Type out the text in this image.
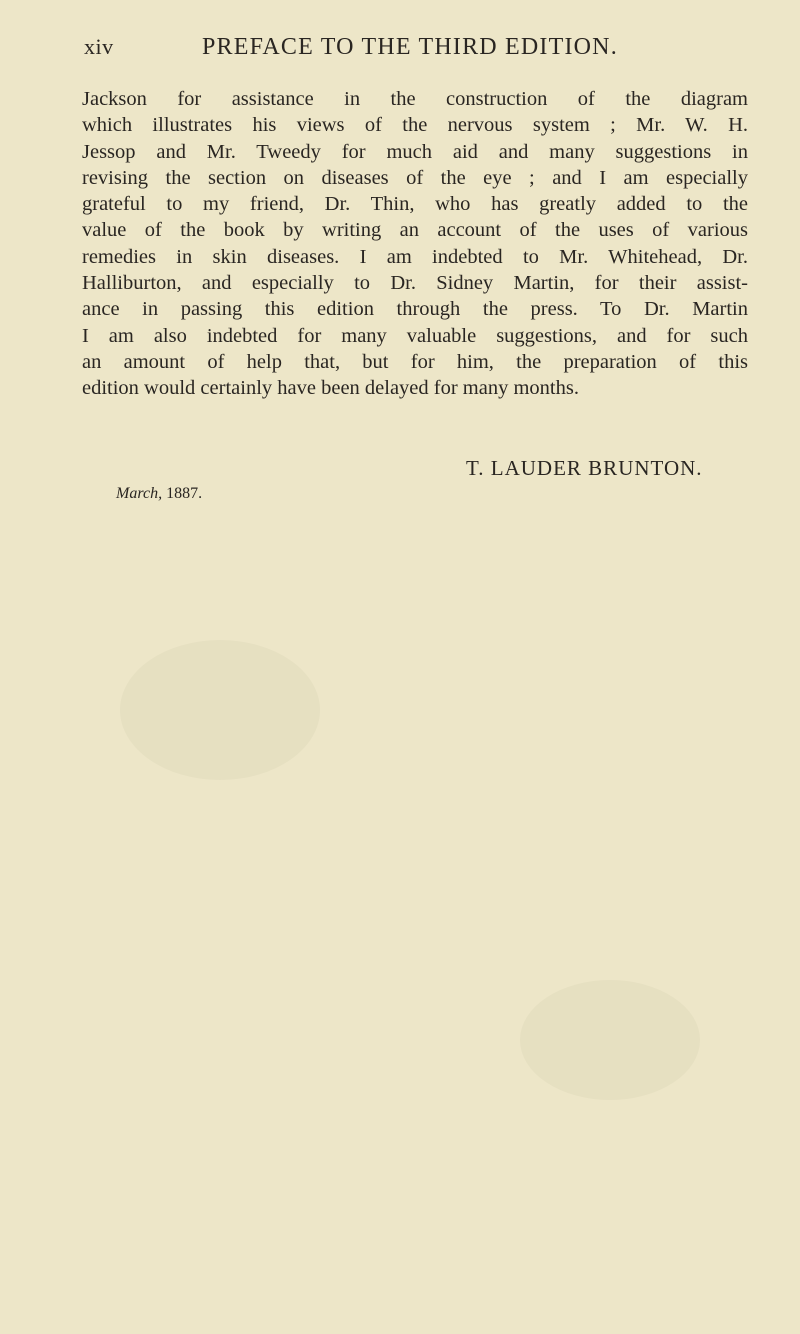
xiv	PREFACE TO THE THIRD EDITION.
Jackson for assistance in the construction of the diagram
which illustrates his views of the nervous system ; Mr. W. H.
Jessop and Mr. Tweedy for much aid and many suggestions in
revising the section on diseases of the eye ; and I am especially
grateful to my friend, Dr. Thin, who has greatly added to the
value of the book by writing an account of the uses of various
remedies in skin diseases. I am indebted to Mr. Whitehead, Dr.
Halliburton, and especially to Dr. Sidney Martin, for their assist-
ance in passing this edition through the press. To Dr. Martin
I am also indebted for many valuable suggestions, and for such
an amount of help that, but for him, the preparation of this
edition would certainly have been delayed for many months.
T. LAUDER BRUNTON.
March, 1887.
